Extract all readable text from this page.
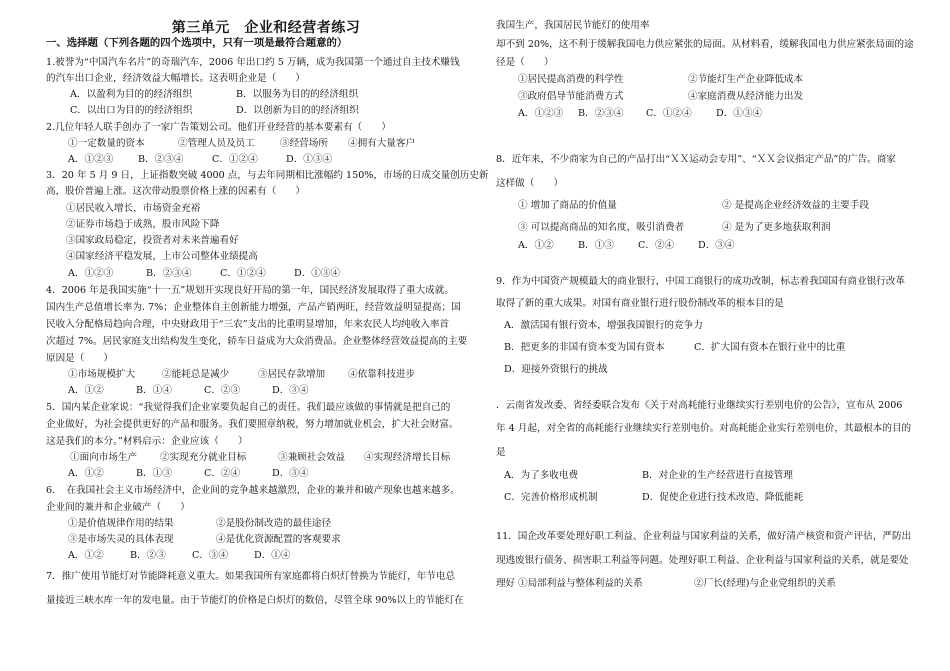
第三单元　企业和经营者练习
一、选择题（下列各题的四个选项中，只有一项是最符合题意的）
1.被誉为“中国汽车名片”的奇瑞汽车，2006 年出口约 5 万辆，成为我国第一个通过自主技术赚钱
的汽车出口企业，经济效益大幅增长。这表明企业是（　　）
A．以盈利为目的的经济组织	B．以服务为目的的经济组织
C．以出口为目的的经济组织	D．以创新为目的的经济组织
2.几位年轻人联手创办了一家广告策划公司。他们开业经营的基本要素有（　　）
①一定数量的资本	②管理人员及员工	③经营场所 ④拥有大量客户
A．①②③	B．②③④	C．①②④	D．①③④
3．20 年 5 月 9 日，上证指数突破 4000 点，与去年同期相比涨幅约 150%，市场的日成交量创历史新
高，股价普遍上涨。这次带动股票价格上涨的因素有（　　）
①居民收入增长，市场资金充裕
②证券市场趋于成熟，股市风险下降
③国家政局稳定，投资者对未来普遍看好
④国家经济平稳发展，上市公司整体业绩提高
A．①②③	B．②③④	C．①②④	D．①③④
4．2006 年是我国实施“十一五”规划开实现良好开局的第一年，国民经济发展取得了重大成就。
国内生产总值增长率为. 7%；企业整体自主创新能力增强，产品产销两旺，经营效益明显提高；国
民收入分配格局趋向合理，中央财政用于“三农”支出的比重明显增加，年来农民人均纯收入率首
次超过 7%。居民家庭支出结构发生变化，轿车日益成为大众消费品。企业整体经营效益提高的主要
原因是（　　）
①市场规模扩大	②能耗总是减少	③居民存款增加 ④依靠科技进步
A．①②	B．①④	C．②③	D．③④
5．国内某企业家说：“我觉得我们企业家要负起自己的责任。我们最应该做的事情就是把自己的
企业做好，为社会提供更好的产品和服务。我们要照章纳税，努力增加就业机会，扩大社会财富。
这是我们的本分。”材料启示：企业应该（　　）
①面向市场生产 ②实现充分就业目标	③兼顾社会效益 ④实现经济增长目标
A．①②	B．①③	C．②④	D．③④
6．　在我国社会主义市场经济中，企业间的竞争越来越激烈，企业的兼并和破产现象也越来越多。
企业间的兼并和企业破产（　　）
①是价值规律作用的结果	②是股份制改造的最佳途径
③是市场失灵的具体表现	④是优化资源配置的客观要求
A．①②	B．②③	C．③④	D．①④
7．推广使用节能灯对节能降耗意义重大。如果我国所有家庭都将白炽灯替换为节能灯，年节电总
量接近三峡水库一年的发电量。由于节能灯的价格是白炽灯的数倍，尽管全球 90%以上的节能灯在
我国生产，我国居民节能灯的使用率
却不到 20%，这不利于缓解我国电力供应紧张的局面。从材料看，缓解我国电力供应紧张局面的途
径是（　　）
①居民提高消费的科学性	②节能灯生产企业降低成本
③政府倡导节能消费方式	④家庭消费从经济能力出发
A．①②③ B．②③④ C．①②④	D．①③④
8．近年来，不少商家为自己的产品打出“ＸＸ运动会专用”、“ＸＸ会议指定产品”的广告。商家
这样做（　　）
① 增加了商品的价值量	② 是提高企业经济效益的主要手段
③ 可以提高商品的知名度，吸引消费者	④ 是为了更多地获取利润
A．①②	B．①③	C．②④ D．③④
9．作为中国资产规模最大的商业银行，中国工商银行的成功改制，标志着我国国有商业银行改革
取得了新的重大成果。对国有商业银行进行股份制改革的根本目的是
A．激活国有银行资本，增强我国银行的竞争力
B．把更多的非国有资本变为国有资本	C．扩大国有资本在银行业中的比重
D．迎接外资银行的挑战
．云南省发改委、省经委联合发布《关于对高耗能行业继续实行差别电价的公告》，宣布从 2006
年 4 月起，对全省的高耗能行业继续实行差别电价。对高耗能企业实行差别电价，其最根本的目的
是
A．为了多收电费	B．对企业的生产经营进行直接管理
C．完善价格形成机制	D．促使企业进行技术改造、降低能耗
11．国企改革要处理好职工利益、企业利益与国家利益的关系，做好清产核资和资产评估，严防出
现逃废银行债务、损害职工利益等问题。处理好职工利益、企业利益与国家利益的关系，就是要处
理好 ①局部利益与整体利益的关系	②厂长(经理)与企业党组织的关系
